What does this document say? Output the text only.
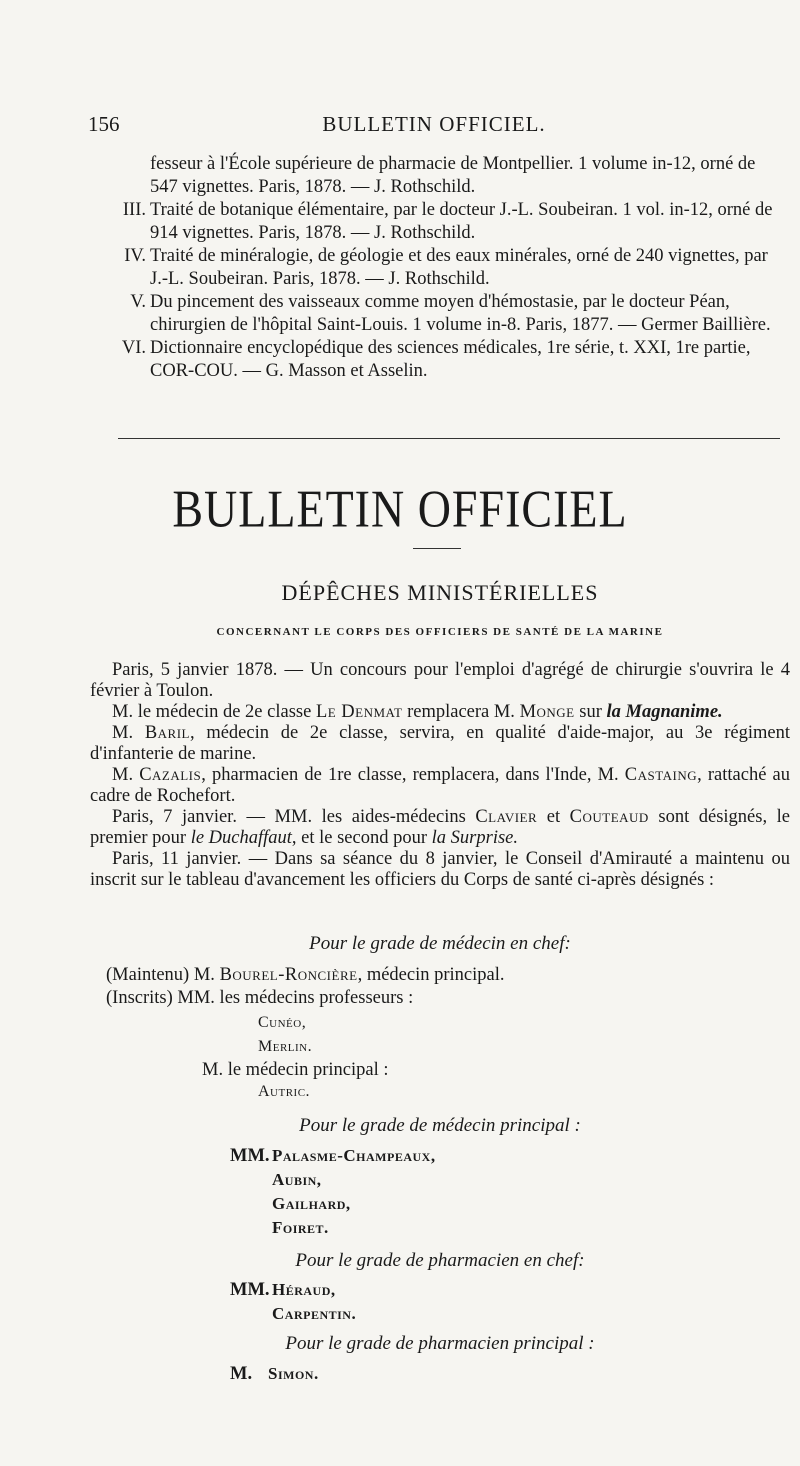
156	BULLETIN OFFICIEL.
fesseur à l'École supérieure de pharmacie de Montpellier. 1 volume in-12, orné de 547 vignettes. Paris, 1878. — J. Rothschild.
III. Traité de botanique élémentaire, par le docteur J.-L. Soubeiran. 1 vol. in-12, orné de 914 vignettes. Paris, 1878. — J. Rothschild.
IV. Traité de minéralogie, de géologie et des eaux minérales, orné de 240 vignettes, par J.-L. Soubeiran. Paris, 1878. — J. Rothschild.
V. Du pincement des vaisseaux comme moyen d'hémostasie, par le docteur Péan, chirurgien de l'hôpital Saint-Louis. 1 volume in-8. Paris, 1877. — Germer Baillière.
VI. Dictionnaire encyclopédique des sciences médicales, 1re série, t. XXI, 1re partie, COR-COU. — G. Masson et Asselin.
BULLETIN OFFICIEL
DÉPÊCHES MINISTÉRIELLES
CONCERNANT LE CORPS DES OFFICIERS DE SANTÉ DE LA MARINE

Paris, 5 janvier 1878. — Un concours pour l'emploi d'agrégé de chirurgie s'ouvrira le 4 février à Toulon.

M. le médecin de 2e classe Le Denmat remplacera M. Monge sur la Magnanime.

M. Baril, médecin de 2e classe, servira, en qualité d'aide-major, au 3e régiment d'infanterie de marine.

M. Cazalis, pharmacien de 1re classe, remplacera, dans l'Inde, M. Castaing, rattaché au cadre de Rochefort.

Paris, 7 janvier. — MM. les aides-médecins Clavier et Couteaud sont désignés, le premier pour le Duchaffaut, et le second pour la Surprise.

Paris, 11 janvier. — Dans sa séance du 8 janvier, le Conseil d'Amirauté a maintenu ou inscrit sur le tableau d'avancement les officiers du Corps de santé ci-après désignés :

Pour le grade de médecin en chef:
(Maintenu) M. Bourel-Roncière, médecin principal.
(Inscrits) MM. les médecins professeurs :
Cunéo,
Merlin.
M. le médecin principal :
Autric.
Pour le grade de médecin principal :
MM. Palasme-Champeaux,
Aubin,
Gailhard,
Foiret.
Pour le grade de pharmacien en chef:
MM. Héraud,
Carpentin.
Pour le grade de pharmacien principal :
M. Simon.
